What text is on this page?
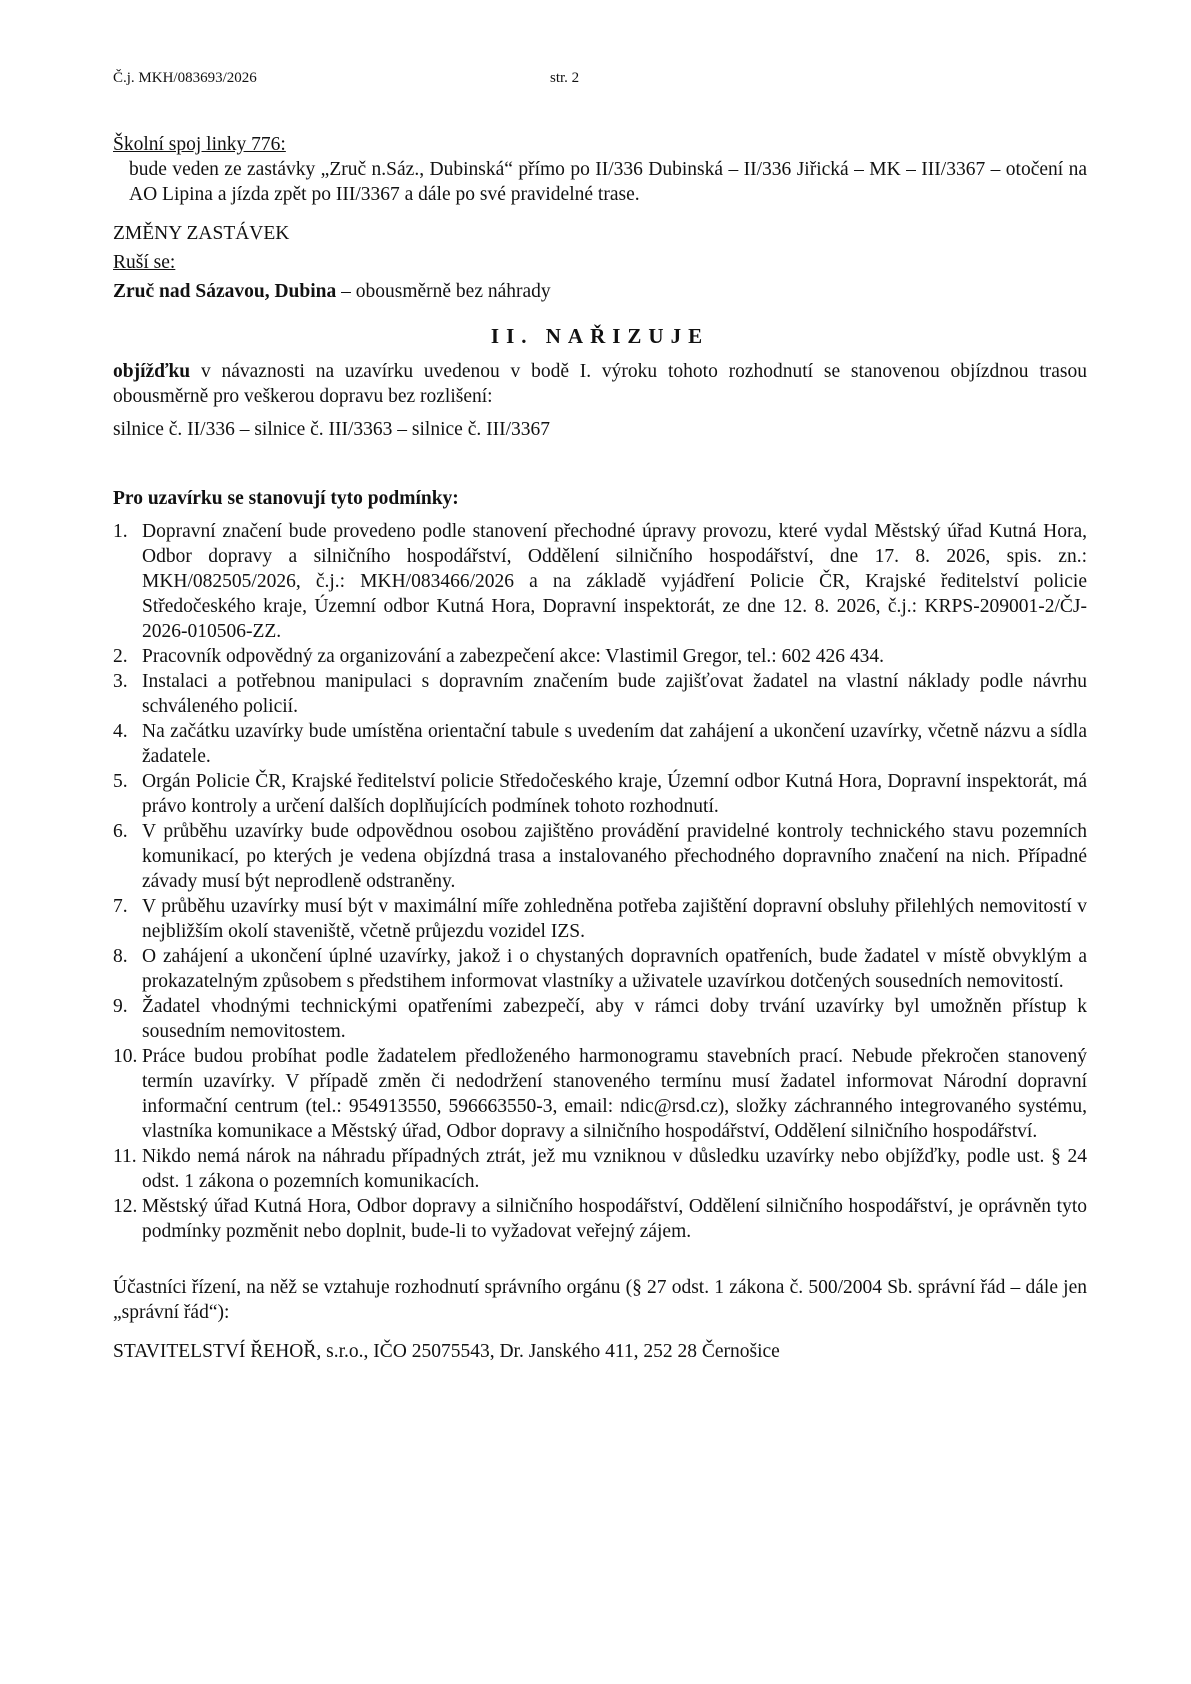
Č.j. MKH/083693/2026	str. 2
Školní spoj linky 776:
bude veden ze zastávky „Zruč n.Sáz., Dubinská“ přímo po II/336 Dubinská – II/336 Jiřická – MK – III/3367 – otočení na AO Lipina a jízda zpět po III/3367 a dále po své pravidelné trase.
ZMĚNY ZASTÁVEK
Ruší se:
Zruč nad Sázavou, Dubina – obousměrně bez náhrady
II. NAŘIZUJE
objížďku v návaznosti na uzavírku uvedenou v bodě I. výroku tohoto rozhodnutí se stanovenou objízdnou trasou obousměrně pro veškerou dopravu bez rozlišení:
silnice č. II/336 – silnice č. III/3363 – silnice č. III/3367
Pro uzavírku se stanovují tyto podmínky:
1. Dopravní značení bude provedeno podle stanovení přechodné úpravy provozu, které vydal Městský úřad Kutná Hora, Odbor dopravy a silničního hospodářství, Oddělení silničního hospodářství, dne 17. 8. 2026, spis. zn.: MKH/082505/2026, č.j.: MKH/083466/2026 a na základě vyjádření Policie ČR, Krajské ředitelství policie Středočeského kraje, Územní odbor Kutná Hora, Dopravní inspektorát, ze dne 12. 8. 2026, č.j.: KRPS-209001-2/ČJ-2026-010506-ZZ.
2. Pracovník odpovědný za organizování a zabezpečení akce: Vlastimil Gregor, tel.: 602 426 434.
3. Instalaci a potřebnou manipulaci s dopravním značením bude zajišťovat žadatel na vlastní náklady podle návrhu schváleného policií.
4. Na začátku uzavírky bude umístěna orientační tabule s uvedením dat zahájení a ukončení uzavírky, včetně názvu a sídla žadatele.
5. Orgán Policie ČR, Krajské ředitelství policie Středočeského kraje, Územní odbor Kutná Hora, Dopravní inspektorát, má právo kontroly a určení dalších doplňujících podmínek tohoto rozhodnutí.
6. V průběhu uzavírky bude odpovědnou osobou zajištěno provádění pravidelné kontroly technického stavu pozemních komunikací, po kterých je vedena objízdná trasa a instalovaného přechodného dopravního značení na nich. Případné závady musí být neprodleně odstraněny.
7. V průběhu uzavírky musí být v maximální míře zohledněna potřeba zajištění dopravní obsluhy přilehlých nemovitostí v nejbližším okolí staveniště, včetně průjezdu vozidel IZS.
8. O zahájení a ukončení úplné uzavírky, jakož i o chystaných dopravních opatřeních, bude žadatel v místě obvyklým a prokazatelným způsobem s předstihem informovat vlastníky a uživatele uzavírkou dotčených sousedních nemovitostí.
9. Žadatel vhodnými technickými opatřeními zabezpečí, aby v rámci doby trvání uzavírky byl umožněn přístup k sousedním nemovitostem.
10. Práce budou probíhat podle žadatelem předloženého harmonogramu stavebních prací. Nebude překročen stanovený termín uzavírky. V případě změn či nedodržení stanoveného termínu musí žadatel informovat Národní dopravní informační centrum (tel.: 954913550, 596663550-3, email: ndic@rsd.cz), složky záchranného integrovaného systému, vlastníka komunikace a Městský úřad, Odbor dopravy a silničního hospodářství, Oddělení silničního hospodářství.
11. Nikdo nemá nárok na náhradu případných ztrát, jež mu vzniknou v důsledku uzavírky nebo objížďky, podle ust. § 24 odst. 1 zákona o pozemních komunikacích.
12. Městský úřad Kutná Hora, Odbor dopravy a silničního hospodářství, Oddělení silničního hospodářství, je oprávněn tyto podmínky pozměnit nebo doplnit, bude-li to vyžadovat veřejný zájem.
Účastníci řízení, na něž se vztahuje rozhodnutí správního orgánu (§ 27 odst. 1 zákona č. 500/2004 Sb. správní řád – dále jen „správní řád“):
STAVITELSTVÍ ŘEHOŘ, s.r.o., IČO 25075543, Dr. Janského 411, 252 28 Černošice
